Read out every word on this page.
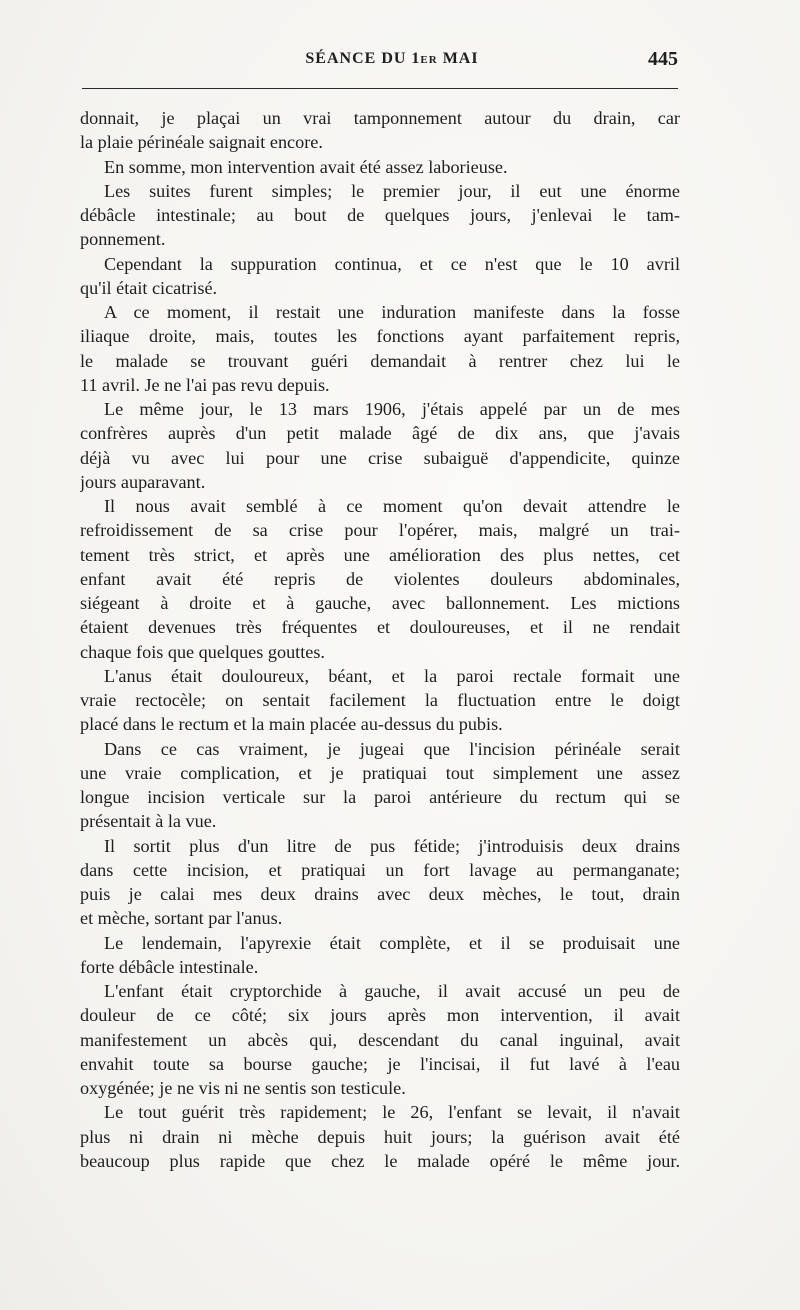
SÉANCE DU 1er MAI	445
donnait, je plaçai un vrai tamponnement autour du drain, car
la plaie périnéale saignait encore.
En somme, mon intervention avait été assez laborieuse.
Les suites furent simples; le premier jour, il eut une énorme
débâcle intestinale; au bout de quelques jours, j'enlevai le tam-
ponnement.
Cependant la suppuration continua, et ce n'est que le 10 avril
qu'il était cicatrisé.
A ce moment, il restait une induration manifeste dans la fosse
iliaque droite, mais, toutes les fonctions ayant parfaitement repris,
le malade se trouvant guéri demandait à rentrer chez lui le
11 avril. Je ne l'ai pas revu depuis.
Le même jour, le 13 mars 1906, j'étais appelé par un de mes
confrères auprès d'un petit malade âgé de dix ans, que j'avais
déjà vu avec lui pour une crise subaiguë d'appendicite, quinze
jours auparavant.
Il nous avait semblé à ce moment qu'on devait attendre le
refroidissement de sa crise pour l'opérer, mais, malgré un trai-
tement très strict, et après une amélioration des plus nettes, cet
enfant avait été repris de violentes douleurs abdominales,
siégeant à droite et à gauche, avec ballonnement. Les mictions
étaient devenues très fréquentes et douloureuses, et il ne rendait
chaque fois que quelques gouttes.
L'anus était douloureux, béant, et la paroi rectale formait une
vraie rectocèle; on sentait facilement la fluctuation entre le doigt
placé dans le rectum et la main placée au-dessus du pubis.
Dans ce cas vraiment, je jugeai que l'incision périnéale serait
une vraie complication, et je pratiquai tout simplement une assez
longue incision verticale sur la paroi antérieure du rectum qui se
présentait à la vue.
Il sortit plus d'un litre de pus fétide; j'introduisis deux drains
dans cette incision, et pratiquai un fort lavage au permanganate;
puis je calai mes deux drains avec deux mèches, le tout, drain
et mèche, sortant par l'anus.
Le lendemain, l'apyrexie était complète, et il se produisait une
forte débâcle intestinale.
L'enfant était cryptorchide à gauche, il avait accusé un peu de
douleur de ce côté; six jours après mon intervention, il avait
manifestement un abcès qui, descendant du canal inguinal, avait
envahit toute sa bourse gauche; je l'incisai, il fut lavé à l'eau
oxygénée; je ne vis ni ne sentis son testicule.
Le tout guérit très rapidement; le 26, l'enfant se levait, il n'avait
plus ni drain ni mèche depuis huit jours; la guérison avait été
beaucoup plus rapide que chez le malade opéré le même jour.
